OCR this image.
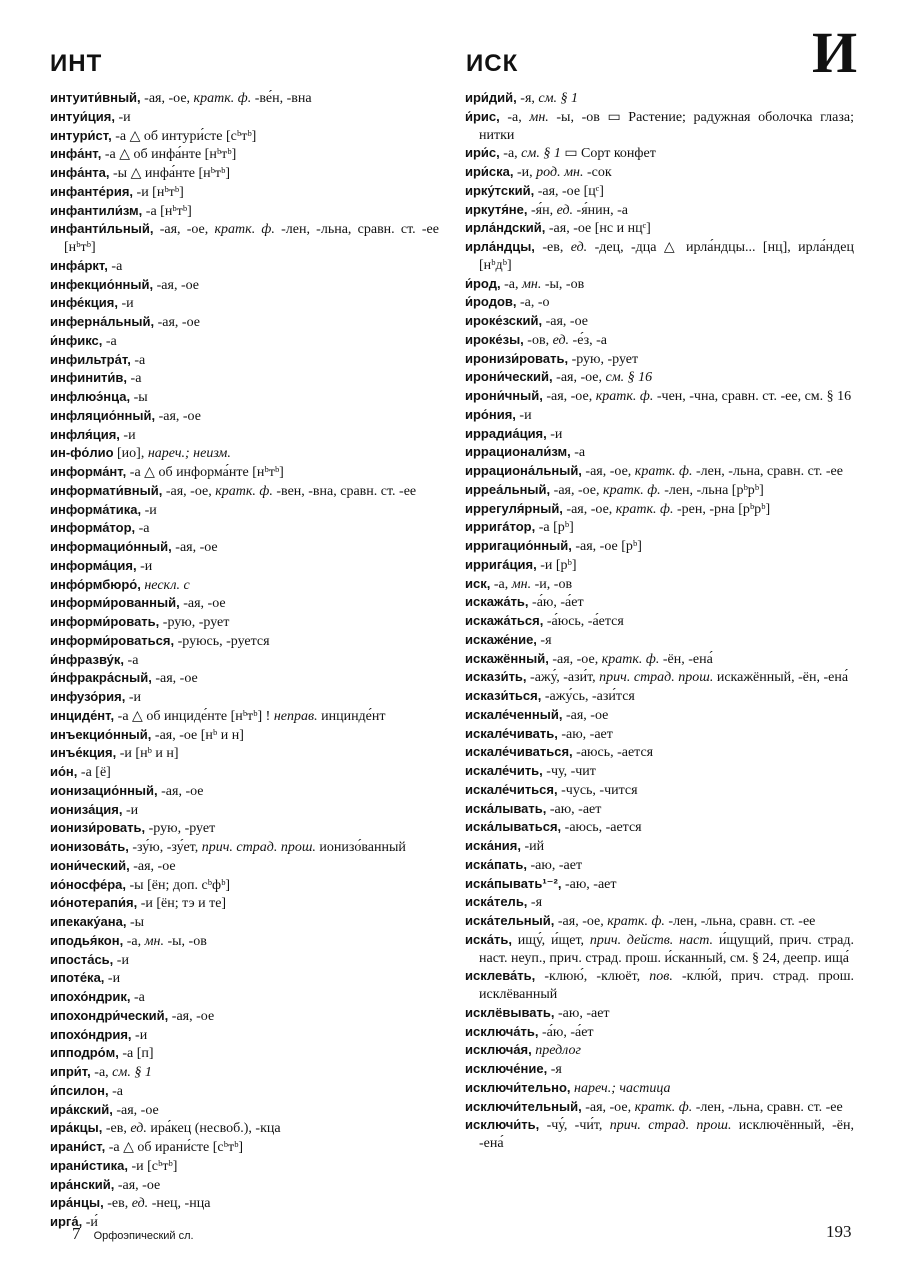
ИНТ	ИСК	И
интуити́вный, -ая, -ое, кратк. ф. -ве́н, -вна
интуи́ция, -и
интури́ст, -а △ об интури́сте [сᵇтᵇ]
инфа́нт, -а △ об инфа́нте [нᵇтᵇ]
инфа́нта, -ы △ инфа́нте [нᵇтᵇ]
инфанте́рия, -и [нᵇтᵇ]
инфантили́зм, -а [нᵇтᵇ]
инфанти́льный, -ая, -ое, кратк. ф. -лен, -льна, сравн. ст. -ее [нᵇтᵇ]
инфа́ркт, -а
инфекцио́нный, -ая, -ое
инфе́кция, -и
инферна́льный, -ая, -ое
и́нфикс, -а
инфильтра́т, -а
инфинити́в, -а
инфлюэ́нца, -ы
инфляцио́нный, -ая, -ое
инфля́ция, -и
ин-фо́лио [ио], нареч.; неизм.
информа́нт, -а △ об информа́нте [нᵇтᵇ]
информати́вный, -ая, -ое, кратк. ф. -вен, -вна, сравн. ст. -ее
информа́тика, -и
информа́тор, -а
информацио́нный, -ая, -ое
информа́ция, -и
инфо́рмбюро́, нескл. с
информи́рованный, -ая, -ое
информи́ровать, -рую, -рует
информи́роваться, -руюсь, -руется
и́нфразву́к, -а
и́нфракра́сный, -ая, -ое
инфузо́рия, -и
инциде́нт, -а △ об инциде́нте [нᵇтᵇ] ! неправ. инцинде́нт
инъекцио́нный, -ая, -ое [нᵇ и н]
инъе́кция, -и [нᵇ и н]
ио́н, -а [ё]
ионизацио́нный, -ая, -ое
иониза́ция, -и
ионизи́ровать, -рую, -рует
ионизова́ть, -зу́ю, -зу́ет, прич. страд. прош. ионизо́ванный
иони́ческий, -ая, -ое
ио́носфе́ра, -ы [ён; доп. сᵇфᵇ]
ио́нотерапи́я, -и [ён; тэ и те]
ипекаку́ана, -ы
иподья́кон, -а, мн. -ы, -ов
ипоста́сь, -и
ипоте́ка, -и
ипохо́ндрик, -а
ипохондри́ческий, -ая, -ое
ипохо́ндрия, -и
ипподро́м, -а [п]
ипри́т, -а, см. § 1
и́псилон, -а
ира́кский, -ая, -ое
ира́кцы, -ев, ед. ира́кец (несвоб.), -кца
ирани́ст, -а △ об ирани́сте [сᵇтᵇ]
ирани́стика, -и [сᵇтᵇ]
ира́нский, -ая, -ое
ира́нцы, -ев, ед. -нец, -нца
ирга́, -и́
ири́дий, -я, см. § 1
и́рис, -а, мн. -ы, -ов ▭ Растение; радужная оболочка глаза; нитки
ири́с, -а, см. § 1 ▭ Сорт конфет
ири́ска, -и, род. мн. -сок
ирку́тский, -ая, -ое [цᶜ]
иркутя́не, -я́н, ед. -я́нин, -а
ирла́ндский, -ая, -ое [нс и нцᶜ]
ирла́ндцы, -ев, ед. -дец, -дца △ ирла́ндцы... [нц], ирла́ндец [нᵇдᵇ]
и́род, -а, мн. -ы, -ов
и́родов, -а, -о
ироке́зский, -ая, -ое
ироке́зы, -ов, ед. -е́з, -а
иронизи́ровать, -рую, -рует
ирони́ческий, -ая, -ое, см. § 16
ирони́чный, -ая, -ое, кратк. ф. -чен, -чна, сравн. ст. -ее, см. § 16
иро́ния, -и
иррадиа́ция, -и
иррационали́зм, -а
иррациона́льный, -ая, -ое, кратк. ф. -лен, -льна, сравн. ст. -ее
ирреа́льный, -ая, -ое, кратк. ф. -лен, -льна [рᵇрᵇ]
иррегуля́рный, -ая, -ое, кратк. ф. -рен, -рна [рᵇрᵇ]
ирригáтор, -а [рᵇ]
ирригацио́нный, -ая, -ое [рᵇ]
ирригáция, -и [рᵇ]
иск, -а, мн. -и, -ов
искажа́ть, -а́ю, -а́ет
искажа́ться, -а́юсь, -а́ется
искаже́ние, -я
искажённый, -ая, -ое, кратк. ф. -ён, -ена́
искази́ть, -ажу́, -ази́т, прич. страд. прош. искажённый, -ён, -ена́
искази́ться, -ажу́сь, -ази́тся
искале́ченный, -ая, -ое
искале́чивать, -аю, -ает
искале́чиваться, -аюсь, -ается
искале́чить, -чу, -чит
искале́читься, -чусь, -чится
иска́лывать, -аю, -ает
иска́лываться, -аюсь, -ается
иска́ния, -ий
иска́пать, -аю, -ает
иска́пывать¹⁻², -аю, -ает
иска́тель, -я
иска́тельный, -ая, -ое, кратк. ф. -лен, -льна, сравн. ст. -ее
иска́ть, ищу́, и́щет, прич. действ. наст. и́щущий, прич. страд. наст. неуп., прич. страд. прош. и́сканный, см. § 24, деепр. ища́
исклева́ть, -клюю́, -клюёт, пов. -клю́й, прич. страд. прош. исклёванный
исклёвывать, -аю, -ает
исключа́ть, -а́ю, -а́ет
исключа́я, предлог
исключе́ние, -я
исключи́тельно, нареч.; частица
исключи́тельный, -ая, -ое, кратк. ф. -лен, -льна, сравн. ст. -ее
исключи́ть, -чу́, -чи́т, прич. страд. прош. исключённый, -ён, -ена́
7 Орфоэпический сл.	193
